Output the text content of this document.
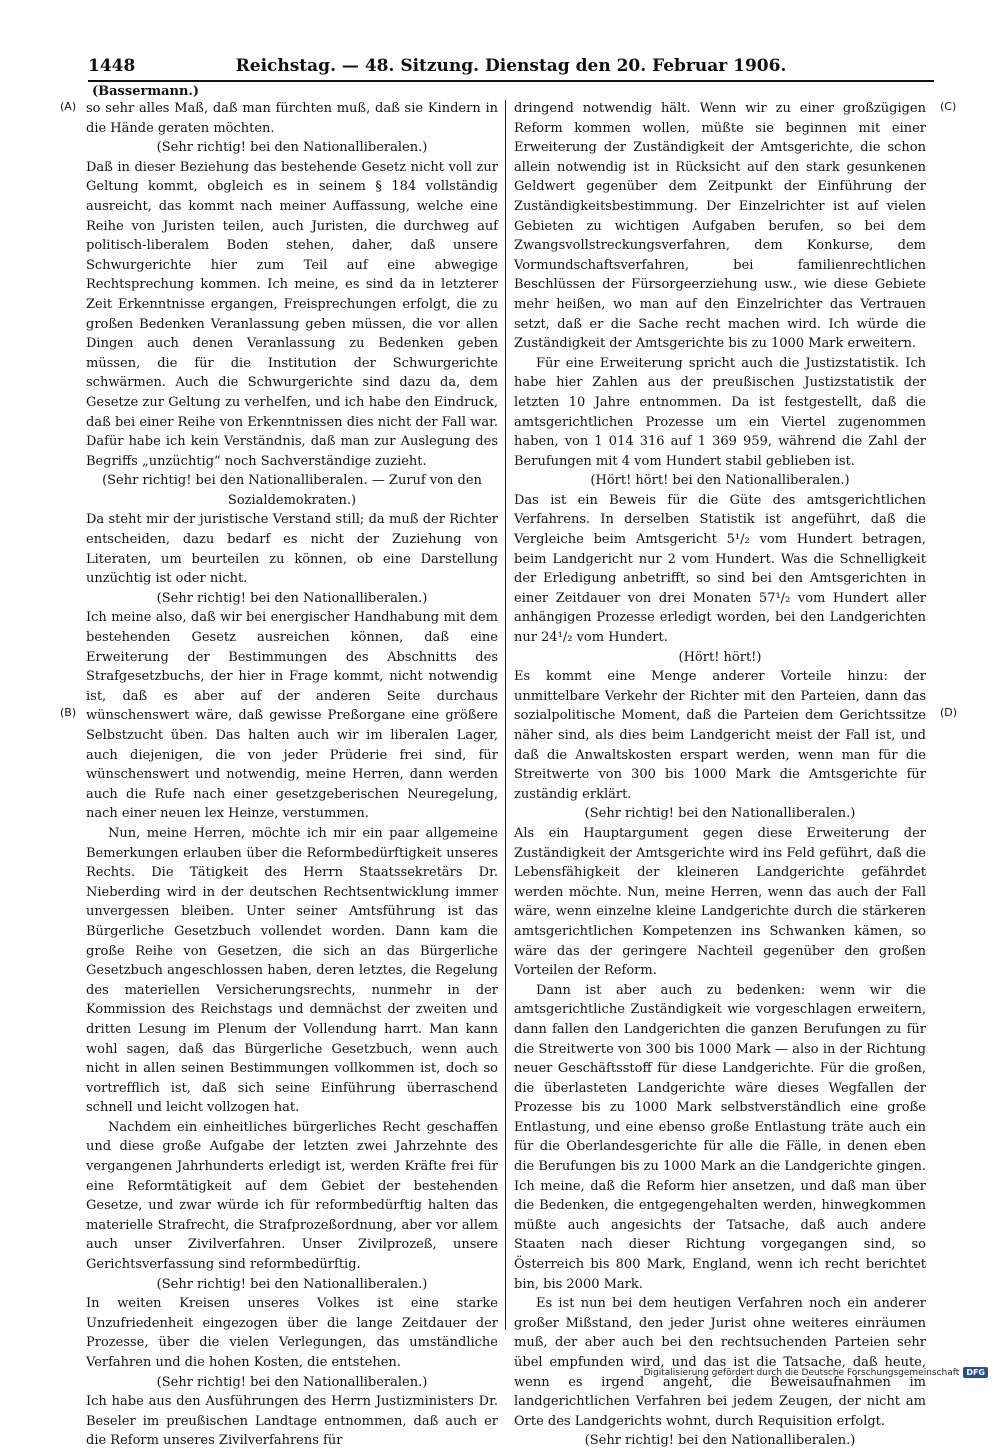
1448	Reichstag. — 48. Sitzung. Dienstag den 20. Februar 1906.
(Bassermann.)
(A)
(B)
(C)
(D)

so sehr alles Maß, daß man fürchten muß, daß sie Kindern in die Hände geraten möchten.

(Sehr richtig! bei den Nationalliberalen.)

Daß in dieser Beziehung das bestehende Gesetz nicht voll zur Geltung kommt, obgleich es in seinem § 184 vollständig ausreicht, das kommt nach meiner Auffassung, welche eine Reihe von Juristen teilen, auch Juristen, die durchweg auf politisch-liberalem Boden stehen, daher, daß unsere Schwurgerichte hier zum Teil auf eine abwegige Rechtsprechung kommen. Ich meine, es sind da in letzterer Zeit Erkenntnisse ergangen, Freisprechungen erfolgt, die zu großen Bedenken Veranlassung geben müssen, die vor allen Dingen auch denen Veranlassung zu Bedenken geben müssen, die für die Institution der Schwurgerichte schwärmen. Auch die Schwurgerichte sind dazu da, dem Gesetze zur Geltung zu verhelfen, und ich habe den Eindruck, daß bei einer Reihe von Erkenntnissen dies nicht der Fall war. Dafür habe ich kein Verständnis, daß man zur Auslegung des Begriffs „unzüchtig“ noch Sachverständige zuzieht.

(Sehr richtig! bei den Nationalliberalen. — Zuruf von den Sozialdemokraten.)

Da steht mir der juristische Verstand still; da muß der Richter entscheiden, dazu bedarf es nicht der Zuziehung von Literaten, um beurteilen zu können, ob eine Darstellung unzüchtig ist oder nicht.

(Sehr richtig! bei den Nationalliberalen.)

Ich meine also, daß wir bei energischer Handhabung mit dem bestehenden Gesetz ausreichen können, daß eine Erweiterung der Bestimmungen des Abschnitts des Strafgesetzbuchs, der hier in Frage kommt, nicht notwendig ist, daß es aber auf der anderen Seite durchaus wünschenswert wäre, daß gewisse Preßorgane eine größere Selbstzucht üben. Das halten auch wir im liberalen Lager, auch diejenigen, die von jeder Prüderie frei sind, für wünschenswert und notwendig, meine Herren, dann werden auch die Rufe nach einer gesetzgeberischen Neuregelung, nach einer neuen lex Heinze, verstummen.

Nun, meine Herren, möchte ich mir ein paar allgemeine Bemerkungen erlauben über die Reformbedürftigkeit unseres Rechts. Die Tätigkeit des Herrn Staatssekretärs Dr. Nieberding wird in der deutschen Rechtsentwicklung immer unvergessen bleiben. Unter seiner Amtsführung ist das Bürgerliche Gesetzbuch vollendet worden. Dann kam die große Reihe von Gesetzen, die sich an das Bürgerliche Gesetzbuch angeschlossen haben, deren letztes, die Regelung des materiellen Versicherungsrechts, nunmehr in der Kommission des Reichstags und demnächst der zweiten und dritten Lesung im Plenum der Vollendung harrt. Man kann wohl sagen, daß das Bürgerliche Gesetzbuch, wenn auch nicht in allen seinen Bestimmungen vollkommen ist, doch so vortrefflich ist, daß sich seine Einführung überraschend schnell und leicht vollzogen hat.

Nachdem ein einheitliches bürgerliches Recht geschaffen und diese große Aufgabe der letzten zwei Jahrzehnte des vergangenen Jahrhunderts erledigt ist, werden Kräfte frei für eine Reformtätigkeit auf dem Gebiet der bestehenden Gesetze, und zwar würde ich für reformbedürftig halten das materielle Strafrecht, die Strafprozeßordnung, aber vor allem auch unser Zivilverfahren. Unser Zivilprozeß, unsere Gerichtsverfassung sind reformbedürftig.

(Sehr richtig! bei den Nationalliberalen.)

In weiten Kreisen unseres Volkes ist eine starke Unzufriedenheit eingezogen über die lange Zeitdauer der Prozesse, über die vielen Verlegungen, das umständliche Verfahren und die hohen Kosten, die entstehen.

(Sehr richtig! bei den Nationalliberalen.)

Ich habe aus den Ausführungen des Herrn Justizministers Dr. Beseler im preußischen Landtage entnommen, daß auch er die Reform unseres Zivilverfahrens für

dringend notwendig hält. Wenn wir zu einer großzügigen Reform kommen wollen, müßte sie beginnen mit einer Erweiterung der Zuständigkeit der Amtsgerichte, die schon allein notwendig ist in Rücksicht auf den stark gesunkenen Geldwert gegenüber dem Zeitpunkt der Einführung der Zuständigkeitsbestimmung. Der Einzelrichter ist auf vielen Gebieten zu wichtigen Aufgaben berufen, so bei dem Zwangsvollstreckungsverfahren, dem Konkurse, dem Vormundschaftsverfahren, bei familienrechtlichen Beschlüssen der Fürsorgeerziehung usw., wie diese Gebiete mehr heißen, wo man auf den Einzelrichter das Vertrauen setzt, daß er die Sache recht machen wird. Ich würde die Zuständigkeit der Amtsgerichte bis zu 1000 Mark erweitern.

Für eine Erweiterung spricht auch die Justizstatistik. Ich habe hier Zahlen aus der preußischen Justizstatistik der letzten 10 Jahre entnommen. Da ist festgestellt, daß die amtsgerichtlichen Prozesse um ein Viertel zugenommen haben, von 1 014 316 auf 1 369 959, während die Zahl der Berufungen mit 4 vom Hundert stabil geblieben ist.

(Hört! hört! bei den Nationalliberalen.)

Das ist ein Beweis für die Güte des amtsgerichtlichen Verfahrens. In derselben Statistik ist angeführt, daß die Vergleiche beim Amtsgericht 5¹/₂ vom Hundert betragen, beim Landgericht nur 2 vom Hundert. Was die Schnelligkeit der Erledigung anbetrifft, so sind bei den Amtsgerichten in einer Zeitdauer von drei Monaten 57¹/₂ vom Hundert aller anhängigen Prozesse erledigt worden, bei den Landgerichten nur 24¹/₂ vom Hundert.

(Hört! hört!)

Es kommt eine Menge anderer Vorteile hinzu: der unmittelbare Verkehr der Richter mit den Parteien, dann das sozialpolitische Moment, daß die Parteien dem Gerichtssitze näher sind, als dies beim Landgericht meist der Fall ist, und daß die Anwaltskosten erspart werden, wenn man für die Streitwerte von 300 bis 1000 Mark die Amtsgerichte für zuständig erklärt.

(Sehr richtig! bei den Nationalliberalen.)

Als ein Hauptargument gegen diese Erweiterung der Zuständigkeit der Amtsgerichte wird ins Feld geführt, daß die Lebensfähigkeit der kleineren Landgerichte gefährdet werden möchte. Nun, meine Herren, wenn das auch der Fall wäre, wenn einzelne kleine Landgerichte durch die stärkeren amtsgerichtlichen Kompetenzen ins Schwanken kämen, so wäre das der geringere Nachteil gegenüber den großen Vorteilen der Reform.

Dann ist aber auch zu bedenken: wenn wir die amtsgerichtliche Zuständigkeit wie vorgeschlagen erweitern, dann fallen den Landgerichten die ganzen Berufungen zu für die Streitwerte von 300 bis 1000 Mark — also in der Richtung neuer Geschäftsstoff für diese Landgerichte. Für die großen, die überlasteten Landgerichte wäre dieses Wegfallen der Prozesse bis zu 1000 Mark selbstverständlich eine große Entlastung, und eine ebenso große Entlastung träte auch ein für die Oberlandesgerichte für alle die Fälle, in denen eben die Berufungen bis zu 1000 Mark an die Landgerichte gingen. Ich meine, daß die Reform hier ansetzen, und daß man über die Bedenken, die entgegengehalten werden, hinwegkommen müßte auch angesichts der Tatsache, daß auch andere Staaten nach dieser Richtung vorgegangen sind, so Österreich bis 800 Mark, England, wenn ich recht berichtet bin, bis 2000 Mark.

Es ist nun bei dem heutigen Verfahren noch ein anderer großer Mißstand, den jeder Jurist ohne weiteres einräumen muß, der aber auch bei den rechtsuchenden Parteien sehr übel empfunden wird, und das ist die Tatsache, daß heute, wenn es irgend angeht, die Beweisaufnahmen im landgerichtlichen Verfahren bei jedem Zeugen, der nicht am Orte des Landgerichts wohnt, durch Requisition erfolgt.

(Sehr richtig! bei den Nationalliberalen.)

Digitalisierung gefördert durch die Deutsche Forschungsgemeinschaft DFG
